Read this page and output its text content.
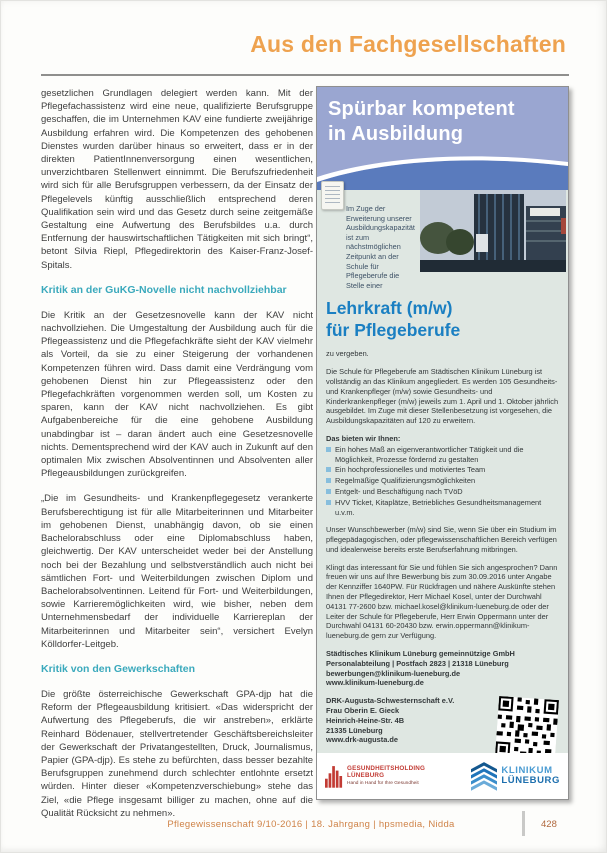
Aus den Fachgesellschaften

gesetzlichen Grundlagen delegiert werden kann. Mit der Pflegefachassistenz wird eine neue, qualifizierte Berufsgruppe geschaffen, die im Unternehmen KAV eine fundierte zweijährige Ausbildung erfahren wird. Die Kompetenzen des gehobenen Dienstes wurden darüber hinaus so erweitert, dass er in der direkten PatientInnenversorgung einen wesentlichen, unverzichtbaren Stellenwert einnimmt. Die Berufszufriedenheit wird sich für alle Berufsgruppen verbessern, da der Einsatz der Pflegelevels künftig ausschließlich entsprechend deren Qualifikation sein wird und das Gesetz durch seine zeitgemäße Gestaltung eine Aufwertung des Berufsbildes u.a. durch Entfernung der hauswirtschaftlichen Tätigkeiten mit sich bringt“, betont Silvia Riepl, Pflegedirektorin des Kaiser-Franz-Josef-Spitals.

Kritik an der GuKG-Novelle nicht nachvollziehbar

Die Kritik an der Gesetzesnovelle kann der KAV nicht nachvollziehen. Die Umgestaltung der Ausbildung auch für die Pflegeassistenz und die Pflegefachkräfte sieht der KAV vielmehr als Vorteil, da sie zu einer Steigerung der vorhandenen Kompetenzen führen wird. Dass damit eine Verdrängung vom gehobenen Dienst hin zur Pflegeassistenz oder den Pflegefachkräften vorgenommen werden soll, um Kosten zu sparen, kann der KAV nicht nachvollziehen. Es gibt Aufgabenbereiche für die eine gehobene Ausbildung unabdingbar ist – daran ändert auch eine Gesetzesnovelle nichts. Dementsprechend wird der KAV auch in Zukunft auf den optimalen Mix zwischen Absolventinnen und Absolventen aller Pflegeausbildungen zurückgreifen.

„Die im Gesundheits- und Krankenpflegegesetz verankerte Berufsberechtigung ist für alle Mitarbeiterinnen und Mitarbeiter im gehobenen Dienst, unabhängig davon, ob sie einen Bachelorabschluss oder eine Diplomabschluss haben, gleichwertig. Der KAV unterscheidet weder bei der Anstellung noch bei der Bezahlung und selbstverständlich auch nicht bei sämtlichen Fort- und Weiterbildungen zwischen Diplom und Bachelorabsolventinnen. Leitend für Fort- und Weiterbildungen, sowie Karrieremöglichkeiten wird, wie bisher, neben dem Unternehmensbedarf der individuelle Karriereplan der Mitarbeiterinnen und Mitarbeiter sein“, versichert Evelyn Kölldorfer-Leitgeb.

Kritik von den Gewerkschaften

Die größte österreichische Gewerkschaft GPA-djp hat die Reform der Pflegeausbildung kritisiert. «Das widerspricht der Aufwertung des Pflegeberufs, die wir anstreben», erklärte Reinhard Bödenauer, stellvertretender Geschäftsbereichsleiter der Gewerkschaft der Privatangestellten, Druck, Journalismus, Papier (GPA-djp). Es stehe zu befürchten, dass besser bezahlte Berufsgruppen zunehmend durch schlechter entlohnte ersetzt würden. Hinter dieser «Kompetenzverschiebung» stehe das Ziel, «die Pflege insgesamt billiger zu machen, ohne auf die Qualität Rücksicht zu nehmen».

Spürbar kompetent
in Ausbildung
Im Zuge der Erweiterung unserer Ausbildungskapazität ist zum nächstmöglichen Zeitpunkt an der Schule für Pflegeberufe die Stelle einer
Lehrkraft (m/w)
für Pflegeberufe
zu vergeben.
Die Schule für Pflegeberufe am Städtischen Klinikum Lüneburg ist vollständig an das Klinikum angegliedert. Es werden 105 Gesundheits- und Krankenpfleger (m/w) sowie Gesundheits- und Kinderkrankenpfleger (m/w) jeweils zum 1. April und 1. Oktober jährlich ausgebildet. Im Zuge mit dieser Stellenbesetzung ist vorgesehen, die Ausbildungskapazitäten auf 120 zu erweitern.
Das bieten wir Ihnen:
Ein hohes Maß an eigenverantwortlicher Tätigkeit und die Möglichkeit, Prozesse fördernd zu gestalten
Ein hochprofessionelles und motiviertes Team
Regelmäßige Qualifizierungsmöglichkeiten
Entgelt- und Beschäftigung nach TVöD
HVV Ticket, Kitaplätze, Betriebliches Gesundheitsmanagement u.v.m.
Unser Wunschbewerber (m/w) sind Sie, wenn Sie über ein Studium im pflegepädagogischen, oder pflegewissenschaftlichen Bereich verfügen und idealerweise bereits erste Berufserfahrung mitbringen.
Klingt das interessant für Sie und fühlen Sie sich angesprochen? Dann freuen wir uns auf Ihre Bewerbung bis zum 30.09.2016 unter Angabe der Kennziffer 1640PW. Für Rückfragen und nähere Auskünfte stehen Ihnen der Pflegedirektor, Herr Michael Kosel, unter der Durchwahl 04131 77-2600 bzw. michael.kosel@klinikum-lueneburg.de oder der Leiter der Schule für Pflegeberufe, Herr Erwin Oppermann unter der Durchwahl 04131 60-20430 bzw. erwin.oppermann@klinikum-lueneburg.de gern zur Verfügung.
Städtisches Klinikum Lüneburg gemeinnützige GmbH
Personalabteilung | Postfach 2823 | 21318 Lüneburg
bewerbungen@klinikum-lueneburg.de
www.klinikum-lueneburg.de
DRK-Augusta-Schwesternschaft e.V.
Frau Oberin E. Gieck
Heinrich-Heine-Str. 4B
21335 Lüneburg
www.drk-augusta.de
GESUNDHEITSHOLDING
LÜNEBURG
Hand in Hand für Ihre Gesundheit
KLINIKUM
LÜNEBURG
Pflegewissenschaft 9/10-2016 | 18. Jahrgang | hpsmedia, Nidda	428
